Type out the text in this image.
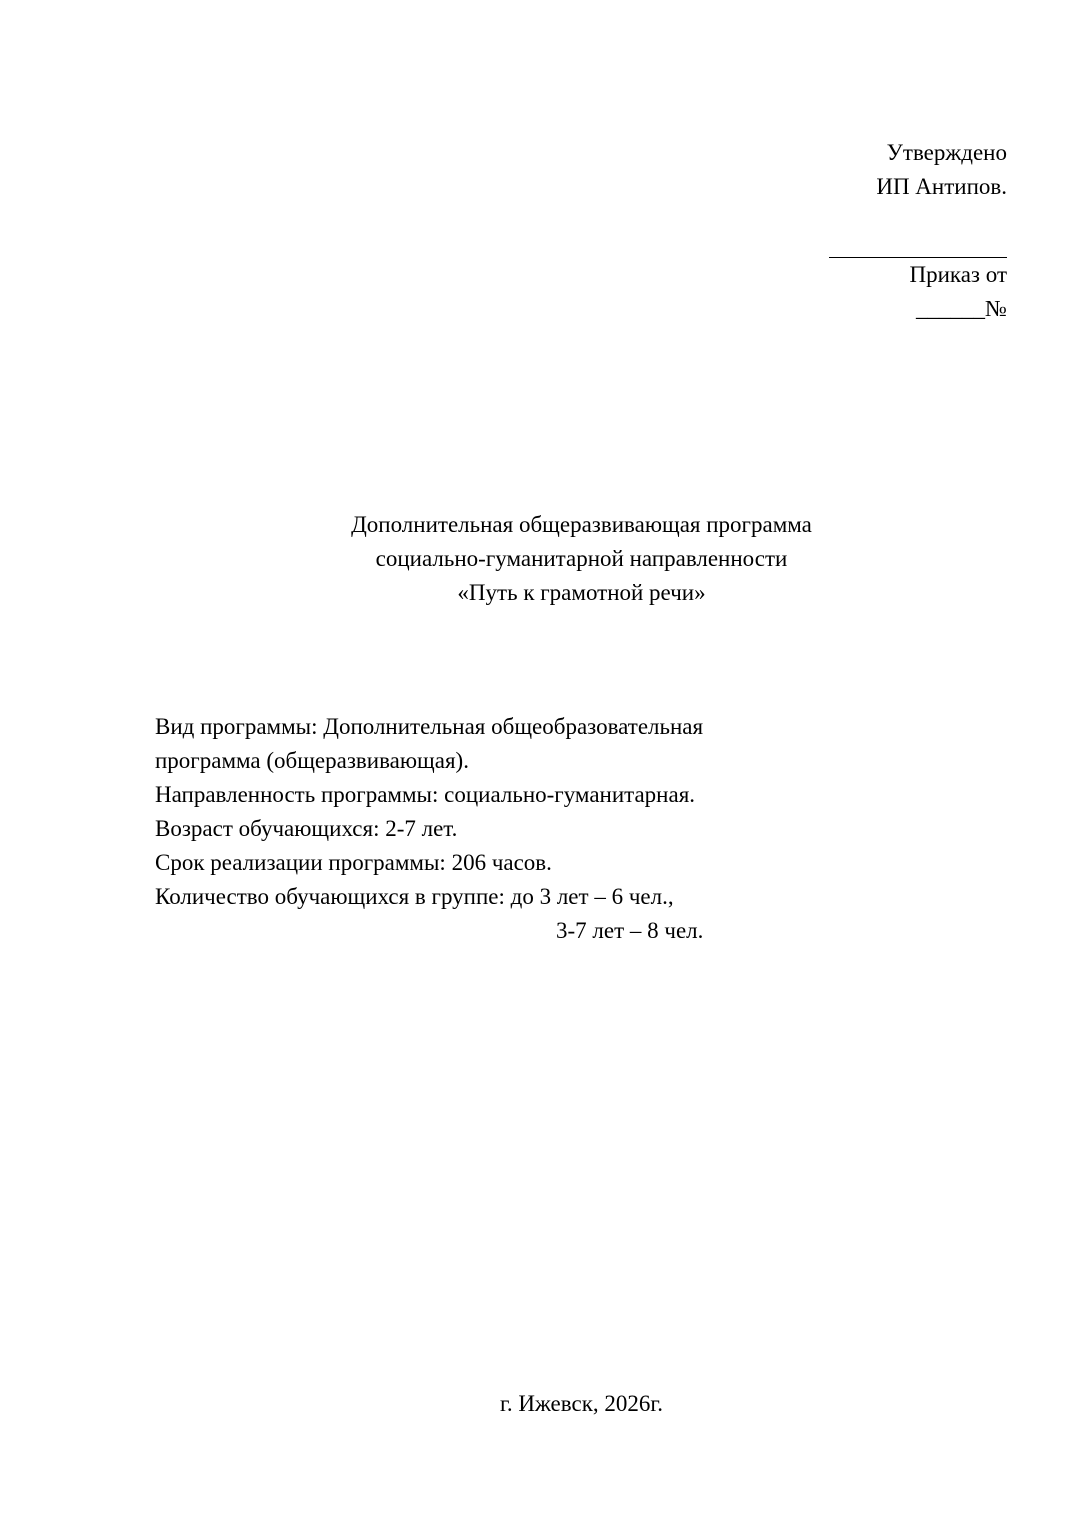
Утверждено
ИП Антипов.
Приказ от
______№
Дополнительная общеразвивающая программа
социально-гуманитарной направленности
«Путь к грамотной речи»
Вид программы: Дополнительная общеобразовательная
программа (общеразвивающая).
Направленность программы: социально-гуманитарная.
Возраст обучающихся: 2-7 лет.
Срок реализации программы: 206 часов.
Количество обучающихся в группе: до 3 лет – 6 чел.,
3-7 лет – 8 чел.
г. Ижевск, 2026г.
